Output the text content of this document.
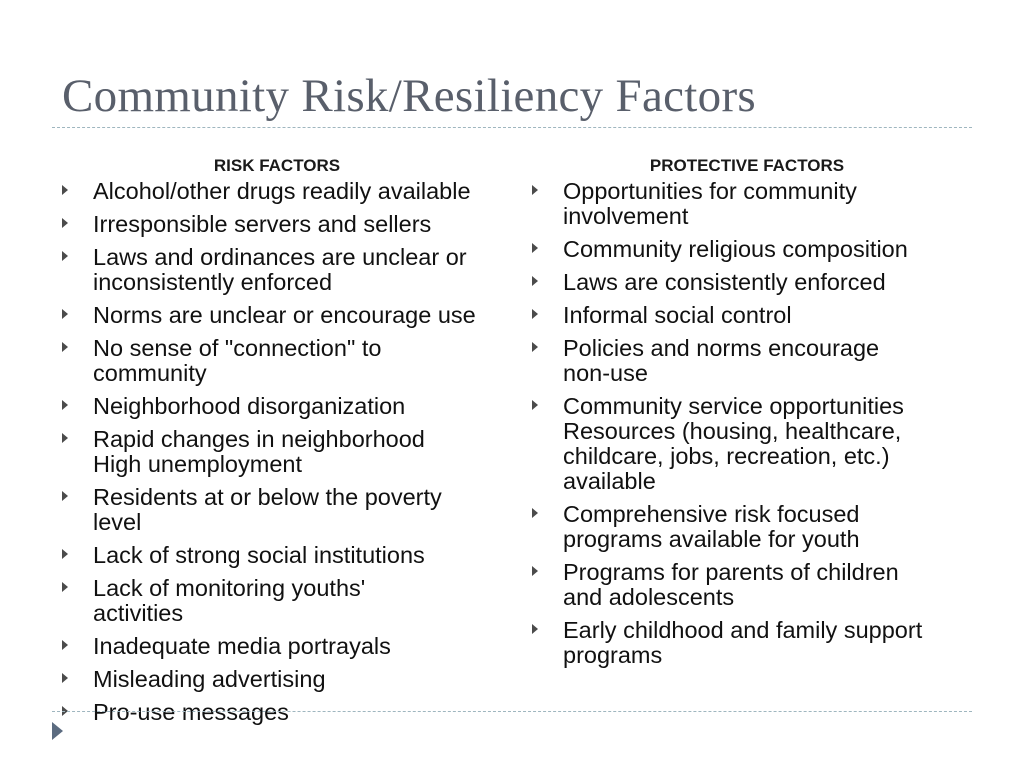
Community Risk/Resiliency Factors
RISK FACTORS
Alcohol/other drugs readily available
Irresponsible servers and sellers
Laws and ordinances are unclear or inconsistently enforced
Norms are unclear or encourage use
No sense of "connection" to community
Neighborhood disorganization
Rapid changes in neighborhood High unemployment
Residents at or below the poverty level
Lack of strong social institutions
Lack of monitoring youths' activities
Inadequate media portrayals
Misleading advertising
Pro-use messages
PROTECTIVE FACTORS
Opportunities for community involvement
Community religious composition
Laws are consistently enforced
Informal social control
Policies and norms encourage non-use
Community service opportunities Resources (housing, healthcare, childcare, jobs, recreation, etc.) available
Comprehensive risk focused programs available for youth
Programs for parents of children and adolescents
Early childhood and family support programs
